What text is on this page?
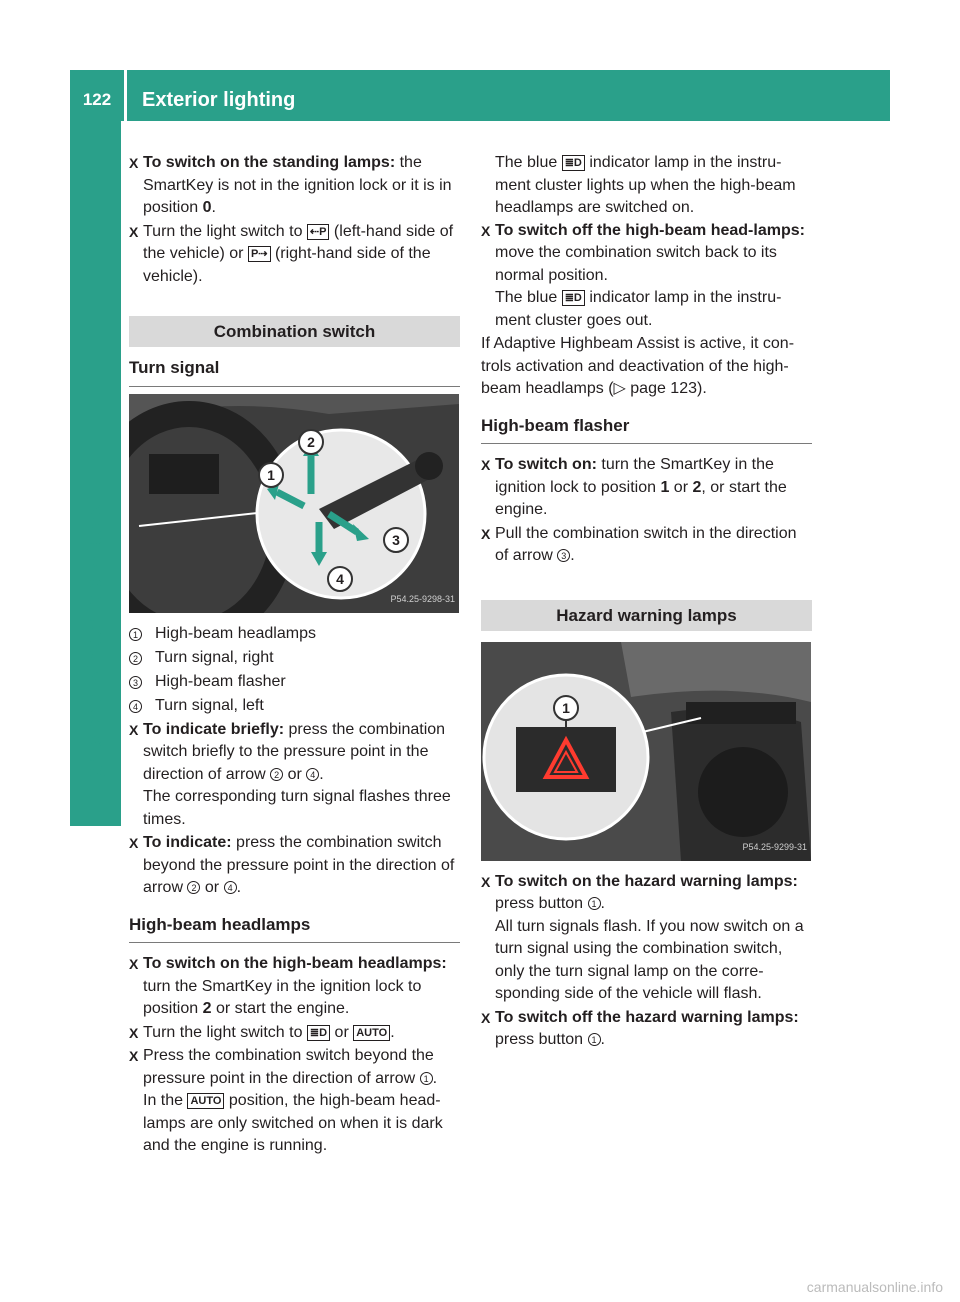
122	Exterior lighting
Lights and windshield wipers
X To switch on the standing lamps: the SmartKey is not in the ignition lock or it is in position 0.
X Turn the light switch to ⇠P (left-hand side of the vehicle) or P⇢ (right-hand side of the vehicle).
Combination switch
Turn signal
2
1
3
4
P54.25-9298-31
1 High-beam headlamps
2 Turn signal, right
3 High-beam flasher
4 Turn signal, left
X To indicate briefly: press the combination switch briefly to the pressure point in the direction of arrow 2 or 4 .
The corresponding turn signal flashes three times.
X To indicate: press the combination switch beyond the pressure point in the direction of arrow 2 or 4 .
High-beam headlamps
X To switch on the high-beam headlamps: turn the SmartKey in the ignition lock to position 2 or start the engine.
X Turn the light switch to ≣D or AUTO .
X Press the combination switch beyond the pressure point in the direction of arrow 1 .
In the AUTO position, the high-beam head-lamps are only switched on when it is dark and the engine is running.
The blue ≣D indicator lamp in the instru-ment cluster lights up when the high-beam headlamps are switched on.
X To switch off the high-beam head-lamps: move the combination switch back to its normal position.
The blue ≣D indicator lamp in the instru-ment cluster goes out.

If Adaptive Highbeam Assist is active, it con-trols activation and deactivation of the high-beam headlamps (▷ page 123).

High-beam flasher
X To switch on: turn the SmartKey in the ignition lock to position 1 or 2, or start the engine.
X Pull the combination switch in the direction of arrow 3 .
Hazard warning lamps
1
P54.25-9299-31
X To switch on the hazard warning lamps: press button 1 .
All turn signals flash. If you now switch on a turn signal using the combination switch, only the turn signal lamp on the corre-sponding side of the vehicle will flash.
X To switch off the hazard warning lamps: press button 1 .
carmanualsonline.info
